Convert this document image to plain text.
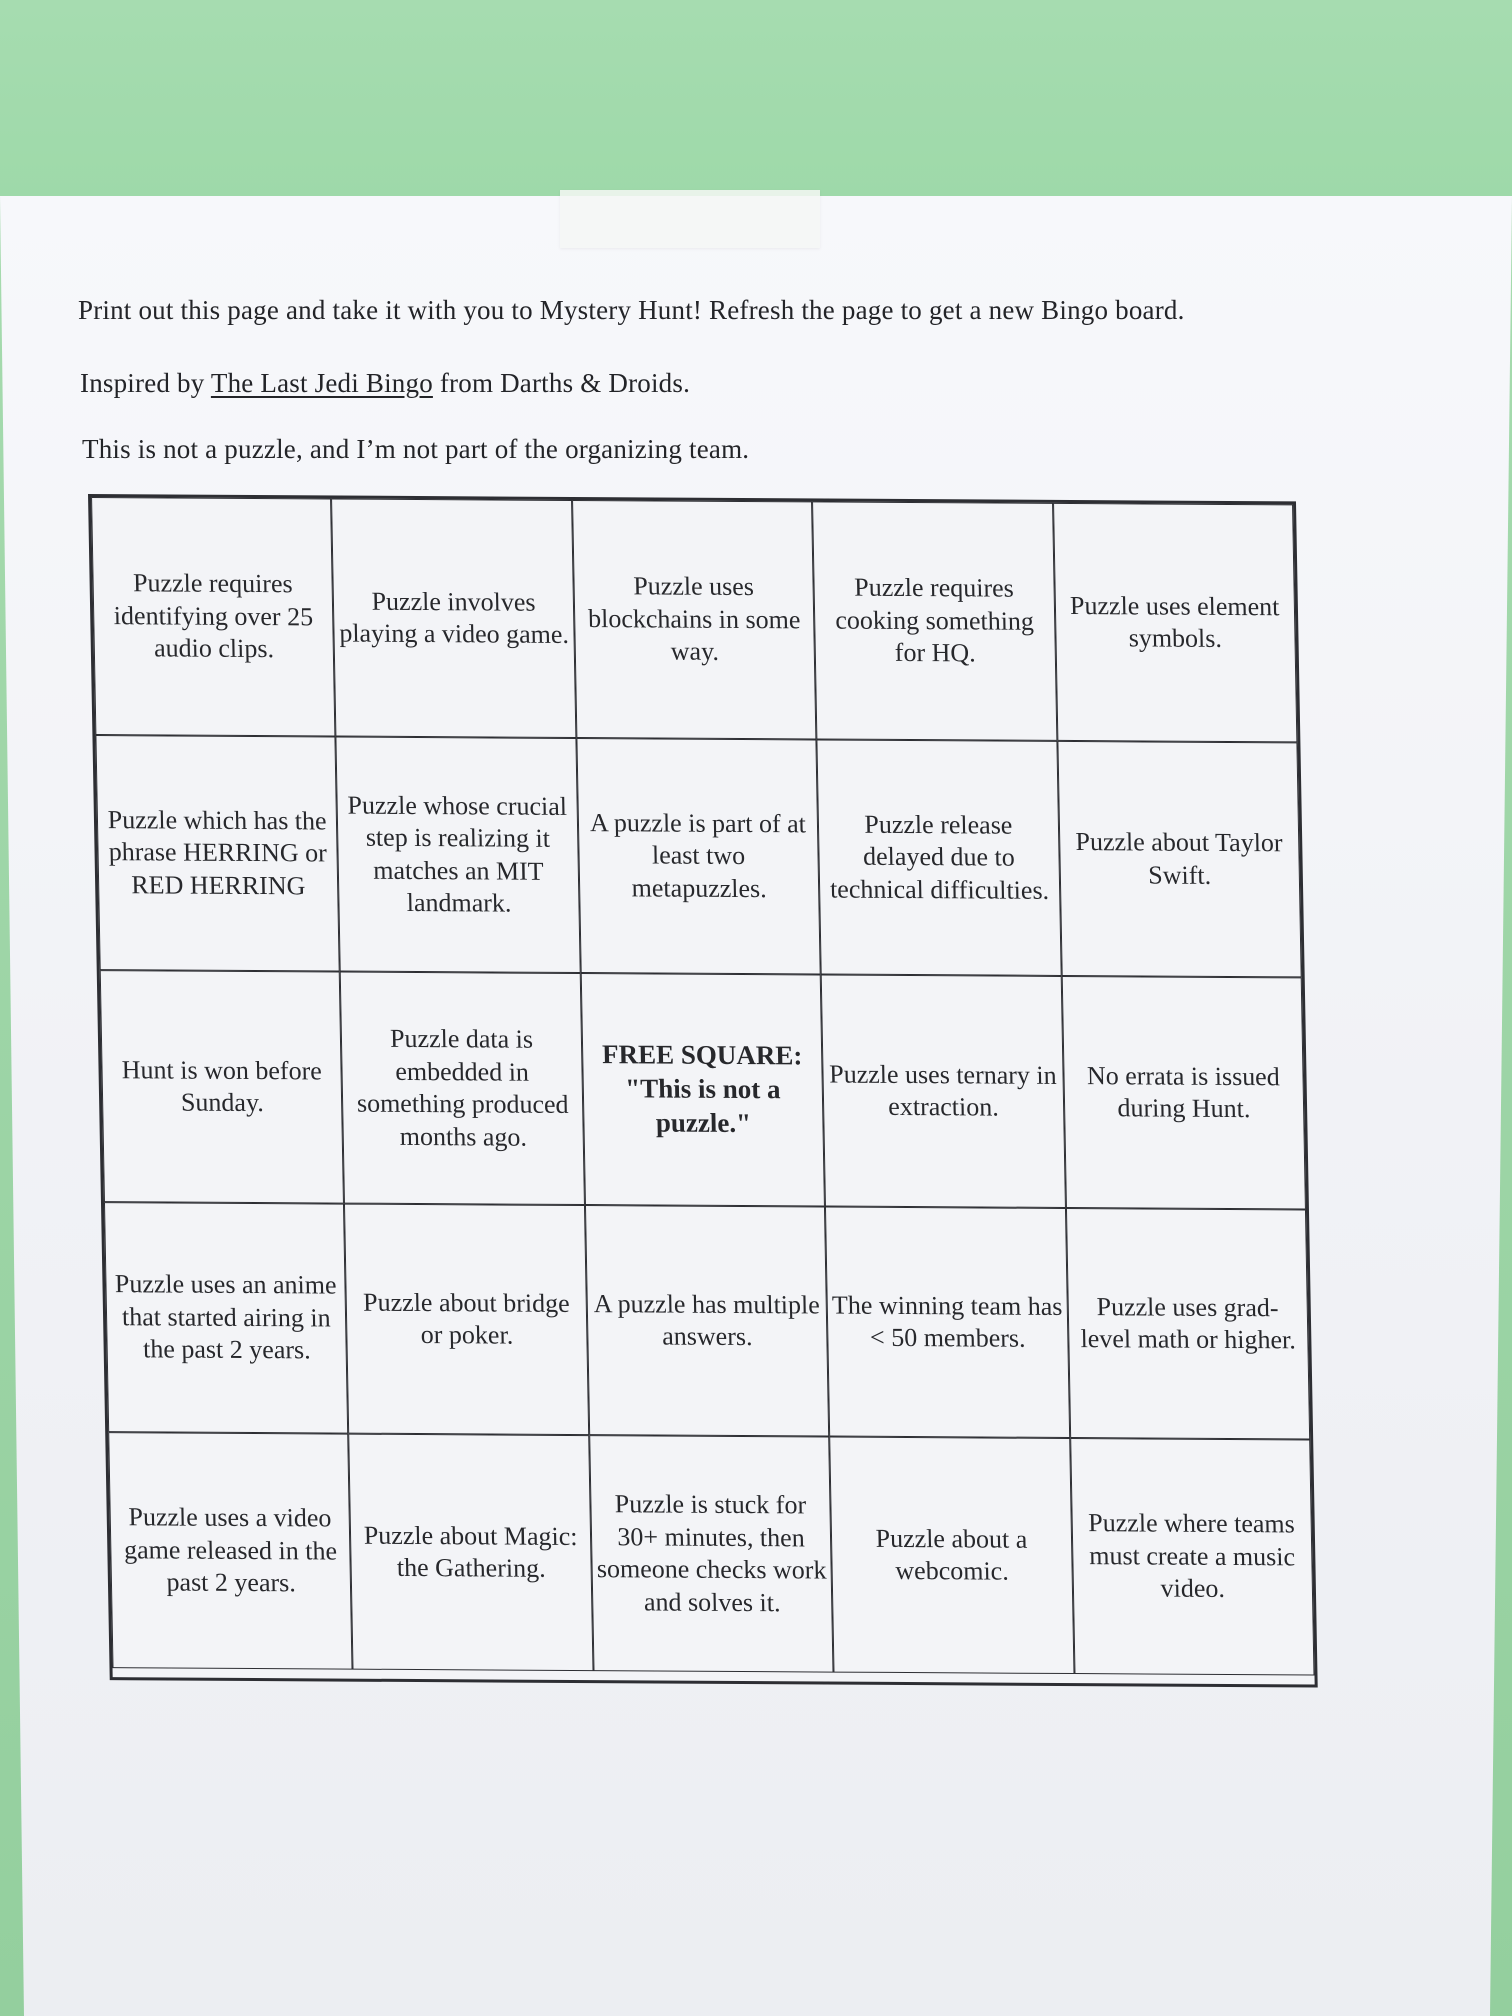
Print out this page and take it with you to Mystery Hunt! Refresh the page to get a new Bingo board.
Inspired by The Last Jedi Bingo from Darths & Droids.
This is not a puzzle, and I’m not part of the organizing team.
Puzzle requires identifying over 25 audio clips.
Puzzle involves playing a video game.
Puzzle uses blockchains in some way.
Puzzle requires cooking something for HQ.
Puzzle uses element symbols.
Puzzle which has the phrase HERRING or RED HERRING
Puzzle whose crucial step is realizing it matches an MIT landmark.
A puzzle is part of at least two metapuzzles.
Puzzle release delayed due to technical difficulties.
Puzzle about Taylor Swift.
Hunt is won before Sunday.
Puzzle data is embedded in something produced months ago.
FREE SQUARE: "This is not a puzzle."
Puzzle uses ternary in extraction.
No errata is issued during Hunt.
Puzzle uses an anime that started airing in the past 2 years.
Puzzle about bridge or poker.
A puzzle has multiple answers.
The winning team has < 50 members.
Puzzle uses grad-level math or higher.
Puzzle uses a video game released in the past 2 years.
Puzzle about Magic: the Gathering.
Puzzle is stuck for 30+ minutes, then someone checks work and solves it.
Puzzle about a webcomic.
Puzzle where teams must create a music video.
